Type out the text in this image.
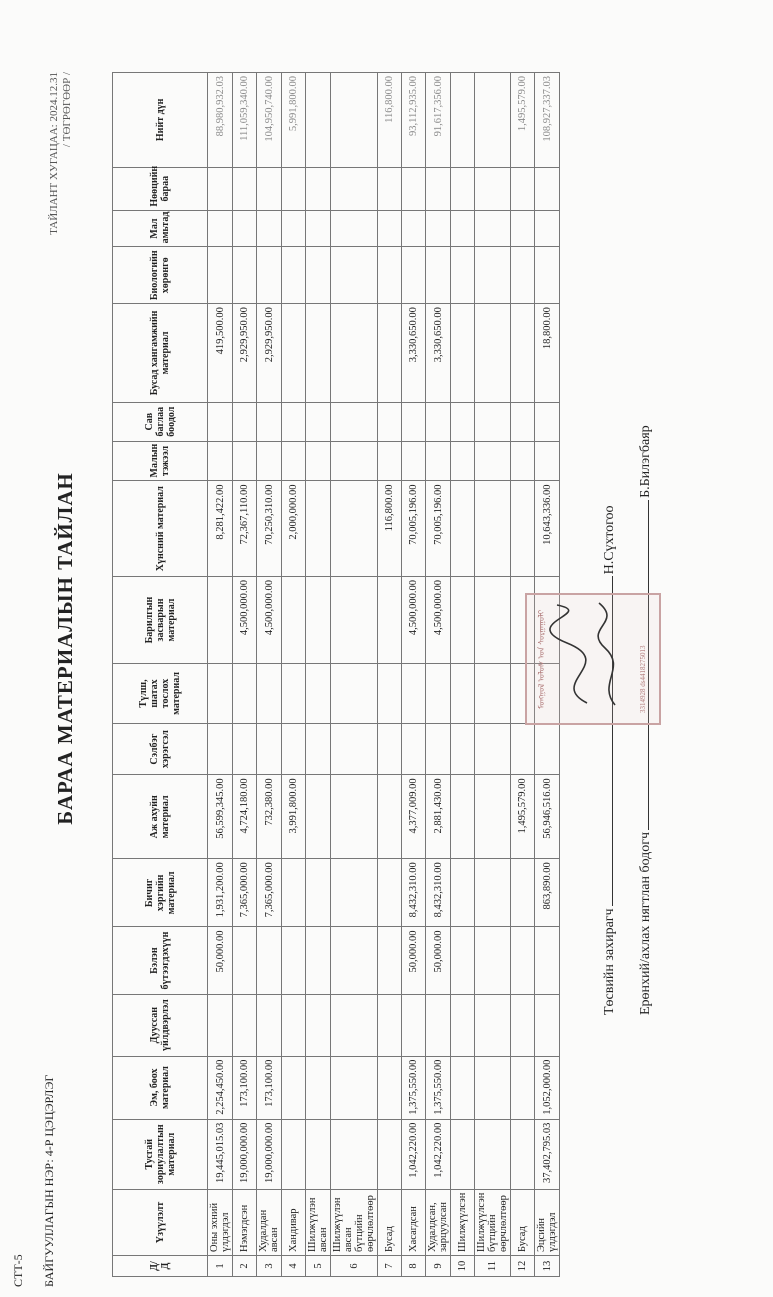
СТТ-5 БАЙГУУЛЛАГЫН НЭР: 4-Р ЦЭЦЭРЛЭГ
БАРАА МАТЕРИАЛЫН ТАЙЛАН
ТАЙЛАНТ ХУГАЦАА: 2024.12.31 / ТӨГРӨГӨӨР /
Д/Д	Үзүүлэлт	Тусгай зориулалтын материал	Эм, боох материал	Дууссан үйлдвэрлэл	Бэлэн бүтээгдэхүүн	Бичиг хэргийн материал	Аж ахуйн материал	Сэлбэг хэрэгсэл	Түлш, шатах тослох материал	Барилгын засварын материал	Хүнсний материал	Малын тэжээл	Сав баглаа боодол	Бусад хангамжийн материал	Биологийн хөрөнгө	Мал амьтад	Нөөцийн бараа	Нийт дүн
1	Оны эхний үлдэгдэл	19,445,015.03	2,254,450.00		50,000.00	1,931,200.00	56,599,345.00				8,281,422.00			419,500.00				88,980,932.03
2	Нэмэгдсэн	19,000,000.00	173,100.00			7,365,000.00	4,724,180.00			4,500,000.00	72,367,110.00			2,929,950.00				111,059,340.00
3	Худалдан авсан	19,000,000.00	173,100.00			7,365,000.00	732,380.00			4,500,000.00	70,250,310.00			2,929,950.00				104,950,740.00
4	Хандивар						3,991,800.00				2,000,000.00							5,991,800.00
5	Шилжүүлэн авсан																	
6	Шилжүүлэн авсан бүтцийн өөрчлөлтөөр																	
7	Бусад										116,800.00							116,800.00
8	Хасагдсан	1,042,220.00	1,375,550.00		50,000.00	8,432,310.00	4,377,009.00			4,500,000.00	70,005,196.00			3,330,650.00				93,112,935.00
9	Худалдсан, зарцуулсан	1,042,220.00	1,375,550.00		50,000.00	8,432,310.00	2,881,430.00			4,500,000.00	70,005,196.00			3,330,650.00				91,617,356.00
10	Шилжүүлсэн																	
11	Шилжүүлсэн бүтцийн өөрчлөлтөөр																	
12	Бусад						1,495,579.00											1,495,579.00
13	Эцсийн үлдэгдэл	37,402,795.03	1,052,000.00			863,890.00	56,946,516.00				10,643,336.00			18,800.00				108,927,337.03
Төсвийн захирагчН.Сүхтогоо
Ерөнхий/ахлах нягтлан бодогчБ.Билэгбаяр
ᠮᠣᠩᠭᠣᠯ ᠤᠯᠤᠰ ᠤᠨ ᠰᠤᠷᠭᠠᠭᠤᠯᠢ	3314928 ds4418275013
